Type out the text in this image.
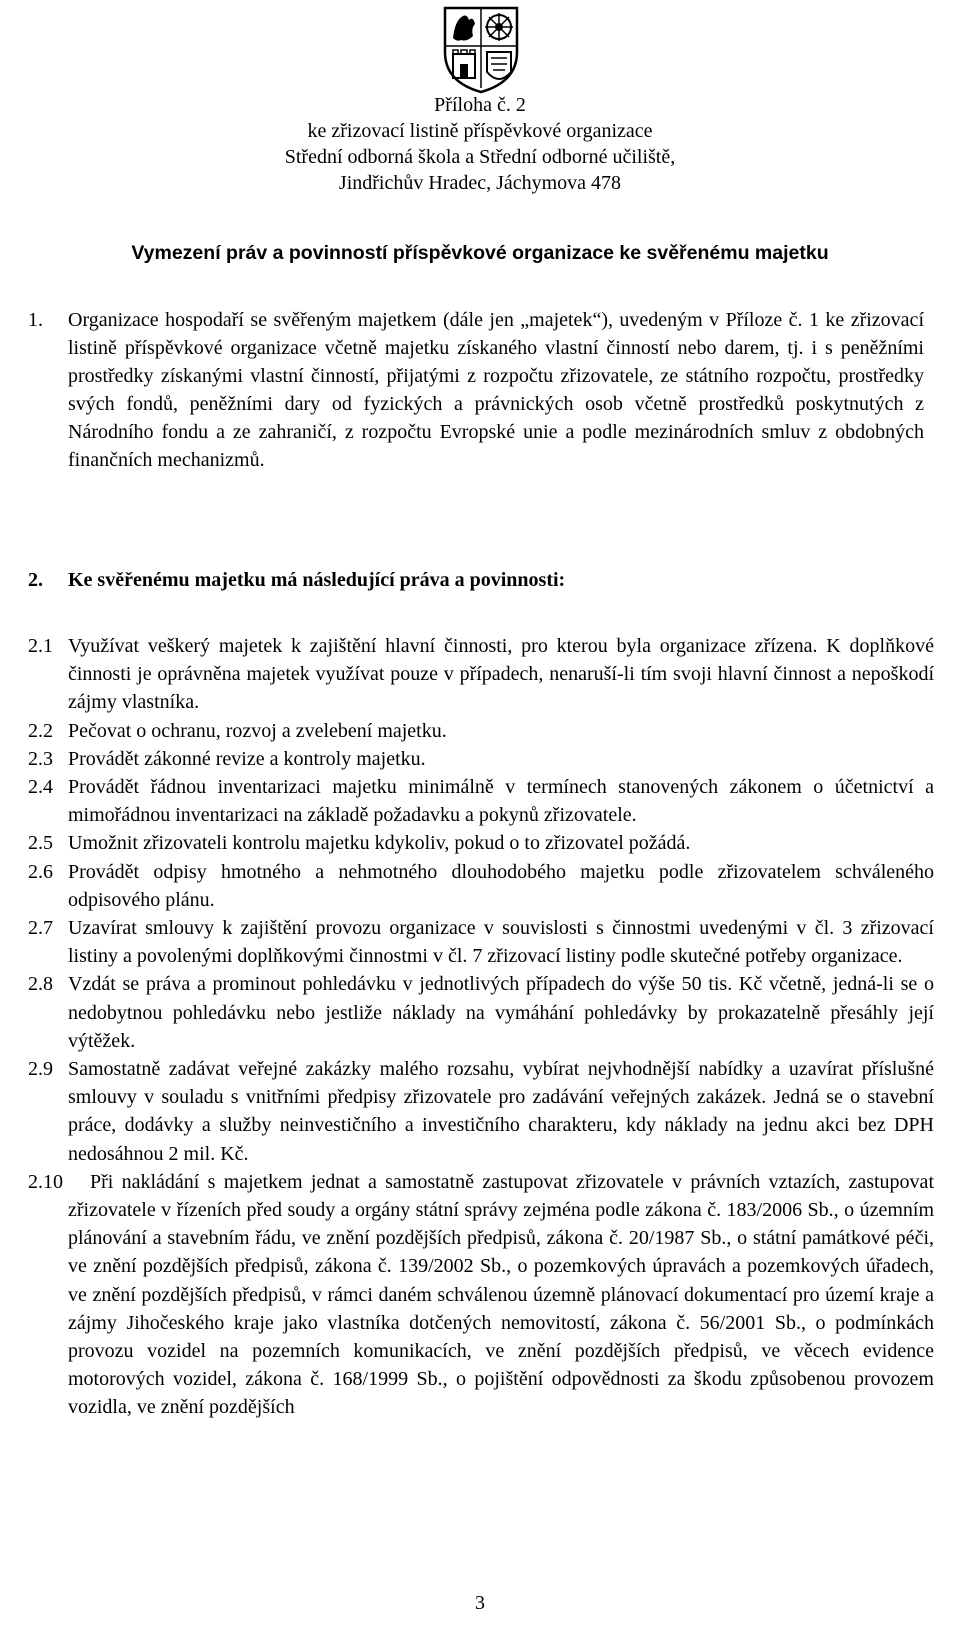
Příloha č. 2
ke zřizovací listině příspěvkové organizace
Střední odborná škola a Střední odborné učiliště,
Jindřichův Hradec, Jáchymova 478
Vymezení práv a povinností příspěvkové organizace ke svěřenému majetku
1. Organizace hospodaří se svěřeným majetkem (dále jen „majetek“), uvedeným v Příloze č. 1 ke zřizovací listině příspěvkové organizace včetně majetku získaného vlastní činností nebo darem, tj. i s peněžními prostředky získanými vlastní činností, přijatými z rozpočtu zřizovatele, ze státního rozpočtu, prostředky svých fondů, peněžními dary od fyzických a právnických osob včetně prostředků poskytnutých z Národního fondu a ze zahraničí, z rozpočtu Evropské unie a podle mezinárodních smluv z obdobných finančních mechanizmů.
2. Ke svěřenému majetku má následující práva a povinnosti:
2.1 Využívat veškerý majetek k zajištění hlavní činnosti, pro kterou byla organizace zřízena. K doplňkové činnosti je oprávněna majetek využívat pouze v případech, nenaruší-li tím svoji hlavní činnost a nepoškodí zájmy vlastníka.
2.2 Pečovat o ochranu, rozvoj a zvelebení majetku.
2.3 Provádět zákonné revize a kontroly majetku.
2.4 Provádět řádnou inventarizaci majetku minimálně v termínech stanovených zákonem o účetnictví a mimořádnou inventarizaci na základě požadavku a pokynů zřizovatele.
2.5 Umožnit zřizovateli kontrolu majetku kdykoliv, pokud o to zřizovatel požádá.
2.6 Provádět odpisy hmotného a nehmotného dlouhodobého majetku podle zřizovatelem schváleného odpisového plánu.
2.7 Uzavírat smlouvy k zajištění provozu organizace v souvislosti s činnostmi uvedenými v čl. 3 zřizovací listiny a povolenými doplňkovými činnostmi v čl. 7 zřizovací listiny podle skutečné potřeby organizace.
2.8 Vzdát se práva a prominout pohledávku v jednotlivých případech do výše 50 tis. Kč včetně, jedná-li se o nedobytnou pohledávku nebo jestliže náklady na vymáhání pohledávky by prokazatelně přesáhly její výtěžek.
2.9 Samostatně zadávat veřejné zakázky malého rozsahu, vybírat nejvhodnější nabídky a uzavírat příslušné smlouvy v souladu s vnitřními předpisy zřizovatele pro zadávání veřejných zakázek. Jedná se o stavební práce, dodávky a služby neinvestičního a investičního charakteru, kdy náklady na jednu akci bez DPH nedosáhnou 2 mil. Kč.
2.10 Při nakládání s majetkem jednat a samostatně zastupovat zřizovatele v právních vztazích, zastupovat zřizovatele v řízeních před soudy a orgány státní správy zejména podle zákona č. 183/2006 Sb., o územním plánování a stavebním řádu, ve znění pozdějších předpisů, zákona č. 20/1987 Sb., o státní památkové péči, ve znění pozdějších předpisů, zákona č. 139/2002 Sb., o pozemkových úpravách a pozemkových úřadech, ve znění pozdějších předpisů, v rámci daném schválenou územně plánovací dokumentací pro území kraje a zájmy Jihočeského kraje jako vlastníka dotčených nemovitostí, zákona č. 56/2001 Sb., o podmínkách provozu vozidel na pozemních komunikacích, ve znění pozdějších předpisů, ve věcech evidence motorových vozidel, zákona č. 168/1999 Sb., o pojištění odpovědnosti za škodu způsobenou provozem vozidla, ve znění pozdějších
3
